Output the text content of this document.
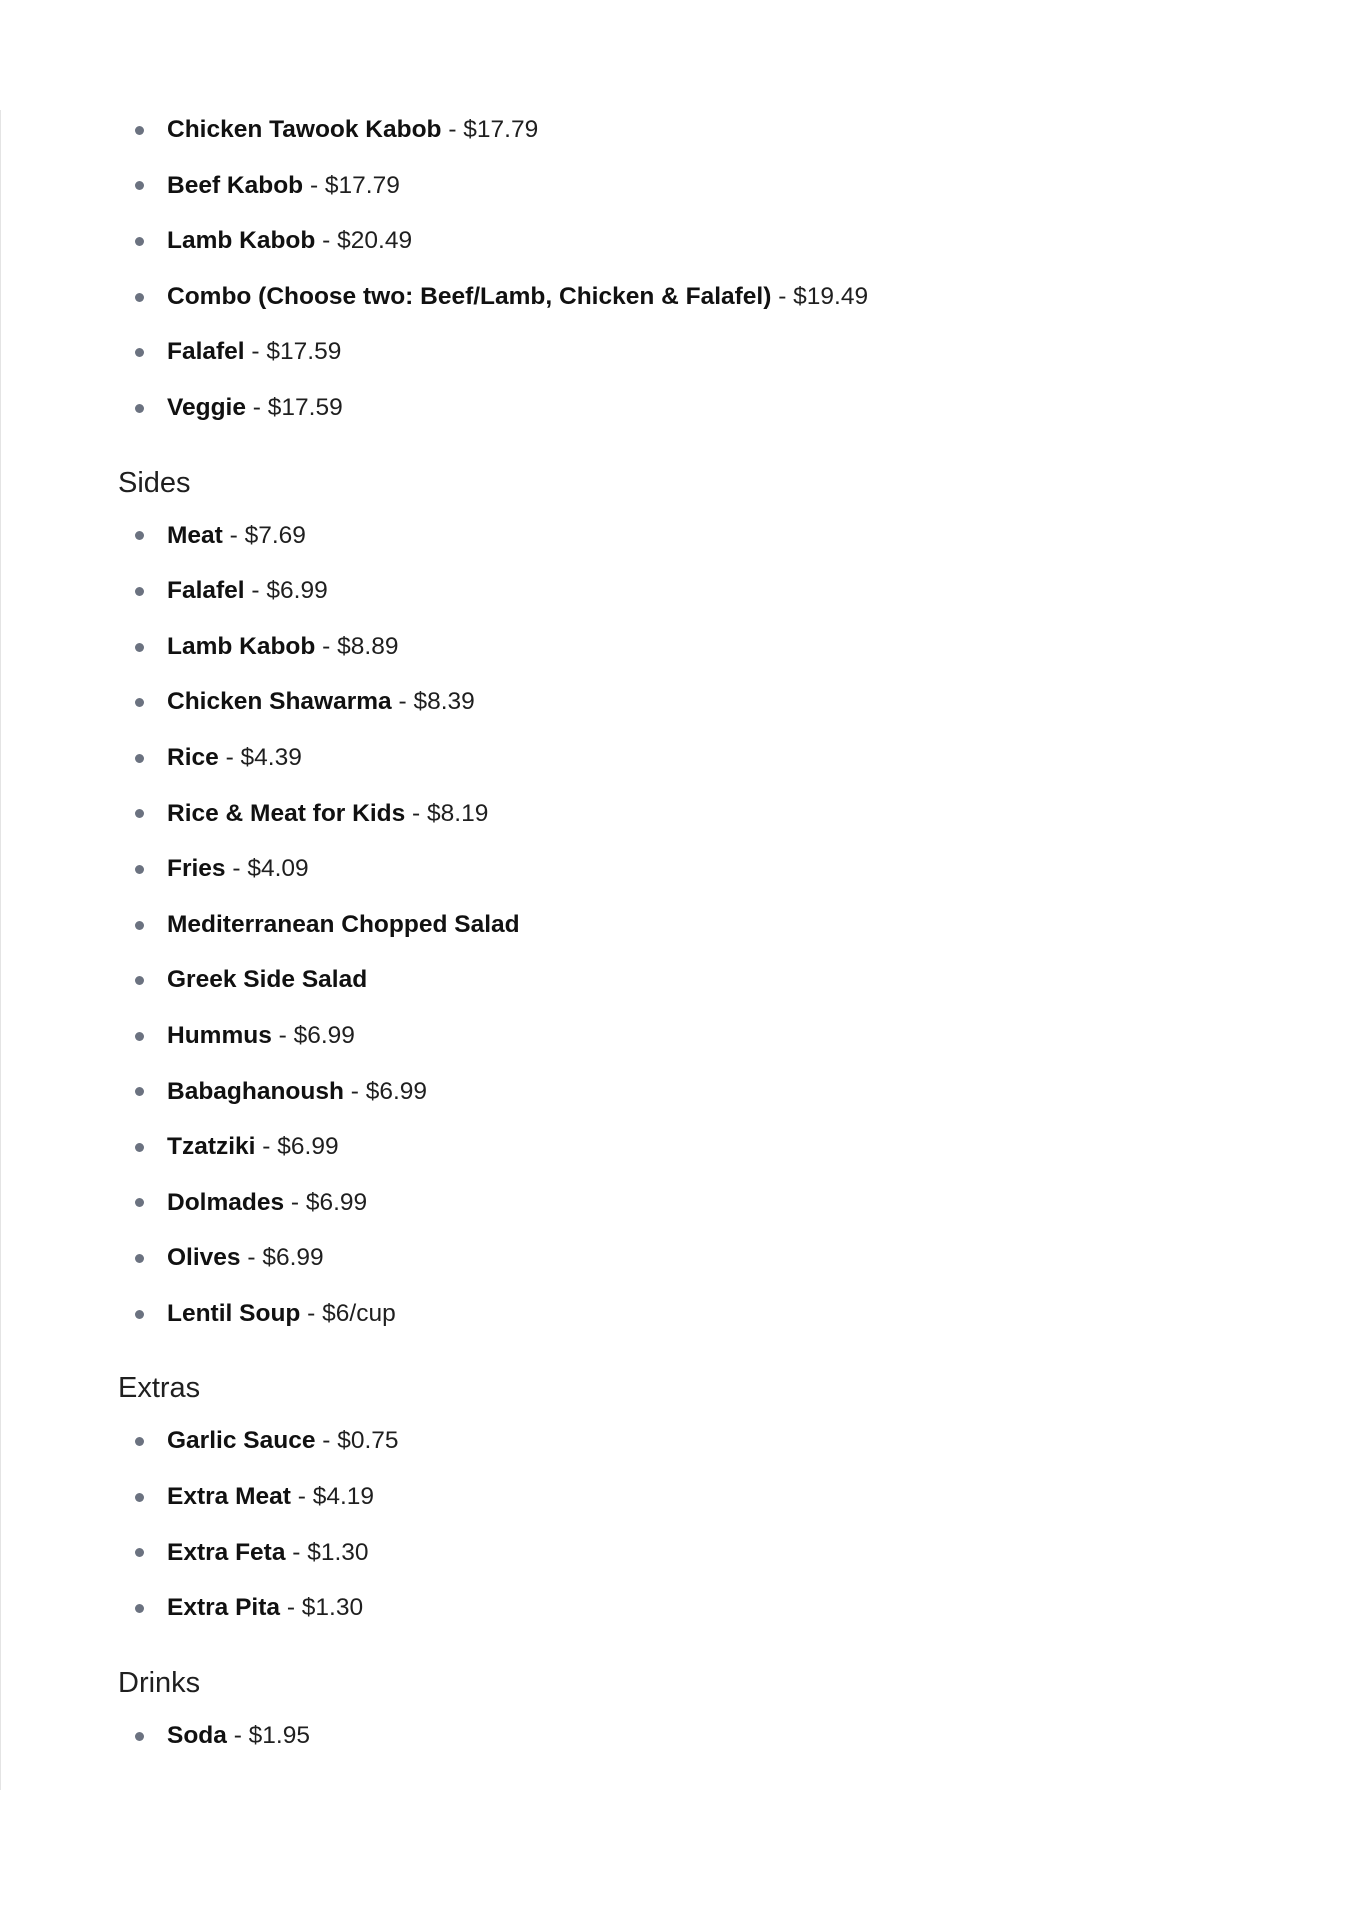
Chicken Tawook Kabob - $17.79
Beef Kabob - $17.79
Lamb Kabob - $20.49
Combo (Choose two: Beef/Lamb, Chicken & Falafel) - $19.49
Falafel - $17.59
Veggie - $17.59
Sides
Meat - $7.69
Falafel - $6.99
Lamb Kabob - $8.89
Chicken Shawarma - $8.39
Rice - $4.39
Rice & Meat for Kids - $8.19
Fries - $4.09
Mediterranean Chopped Salad
Greek Side Salad
Hummus - $6.99
Babaghanoush - $6.99
Tzatziki - $6.99
Dolmades - $6.99
Olives - $6.99
Lentil Soup - $6/cup
Extras
Garlic Sauce - $0.75
Extra Meat - $4.19
Extra Feta - $1.30
Extra Pita - $1.30
Drinks
Soda - $1.95
